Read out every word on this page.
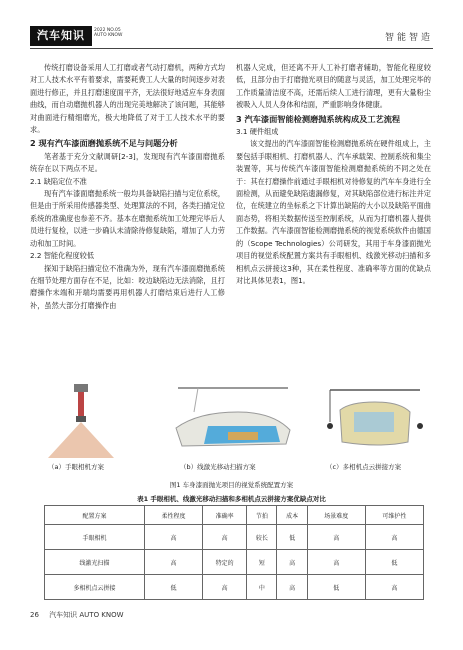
汽车知识	2022 NO.05
AUTO KNOW	智能智造

传统打磨设备采用人工打磨或者气动打磨机，两种方式均对工人技术水平有着要求，需要耗费工人大量的时间逐步对表面进行修正，并且打磨速度面平齐，无法很好地适应车身表面曲线，而自动磨抛机器人的出现完美地解决了该问题，其能够对曲面进行精细磨光，极大地降低了对于工人技术水平的要求。

2 现有汽车漆面磨抛系统不足与问题分析

笔者基于充分文献调研[2-3]，发现现有汽车漆面磨抛系统存在以下两点不足。

2.1 缺陷定位不准

现有汽车漆面磨抛系统一般均具备缺陷扫描与定位系统，但是由于所采用传感器类型、处理算法的不同，各类扫描定位系统的准确度也参差不齐。基本在磨抛系统加工处理完毕后人员进行复检，以进一步确认未清除待修复缺陷，增加了人力劳动和加工时间。

2.2 智能化程度较低

探知于缺陷扫描定位不准确为外，现有汽车漆面磨抛系统在细节处理方面存在不足，比如：咬边缺陷边无法消除，且打磨操作末端和开端均需要再用机器人打磨结束后进行人工修补，虽然大部分打磨操作由

机器人完成，但还离不开人工补打磨者辅助，智能化程度较低，且部分由于打磨抛光项目的随意与灵活，加工处理完毕的工作质量清洁度不高，还需后续人工进行清理，更有大量粉尘被吸入人员人身体和结面，严重影响身体健康。

3 汽车漆面智能检测磨抛系统构成及工艺流程
3.1 硬件组成

该文提出的汽车漆面智能检测磨抛系统在硬件组成上，主要包括手眼相机、打磨机器人、汽车承载架、控制系统和集尘装置等，其与传统汽车漆面智能检测磨抛系统的不同之处在于：其在打磨操作前通过手眼相机对待修复的汽车车身进行全面检测，从而避免缺陷遗漏修复，对其缺陷部位进行标注并定位，在统建立的坐标系之下计算出缺陷的大小以及缺陷平面曲面态势，将相关数据传送至控制系统，从而为打磨机器人提供工作数据。汽车漆面智能检测磨抛系统的视觉系统软件由德国的（Scope Technologies）公司研发，其用于车身漆面抛光项目的视觉系统配置方案共有手眼相机、线激光移动扫描和多相机点云拼接这3种，其在柔性程度、准确率等方面的优缺点对比具体见表1，图1。

（a）手眼相机方案	（b）线激光移动扫描方案	（c）多相机点云拼接方案
图1 车身漆面抛光项目的视觉系统配置方案
表1 手眼相机、线激光移动扫描和多相机点云拼接方案优缺点对比
配置方案	柔性程度	准确率	节拍	成本	场景难度	可维护性
手眼相机	高	高	较长	低	高	高
线激光扫描	高	特定的	短	高	高	低
多相机点云拼接	低	高	中	高	低	高
26 汽车知识 AUTO KNOW
